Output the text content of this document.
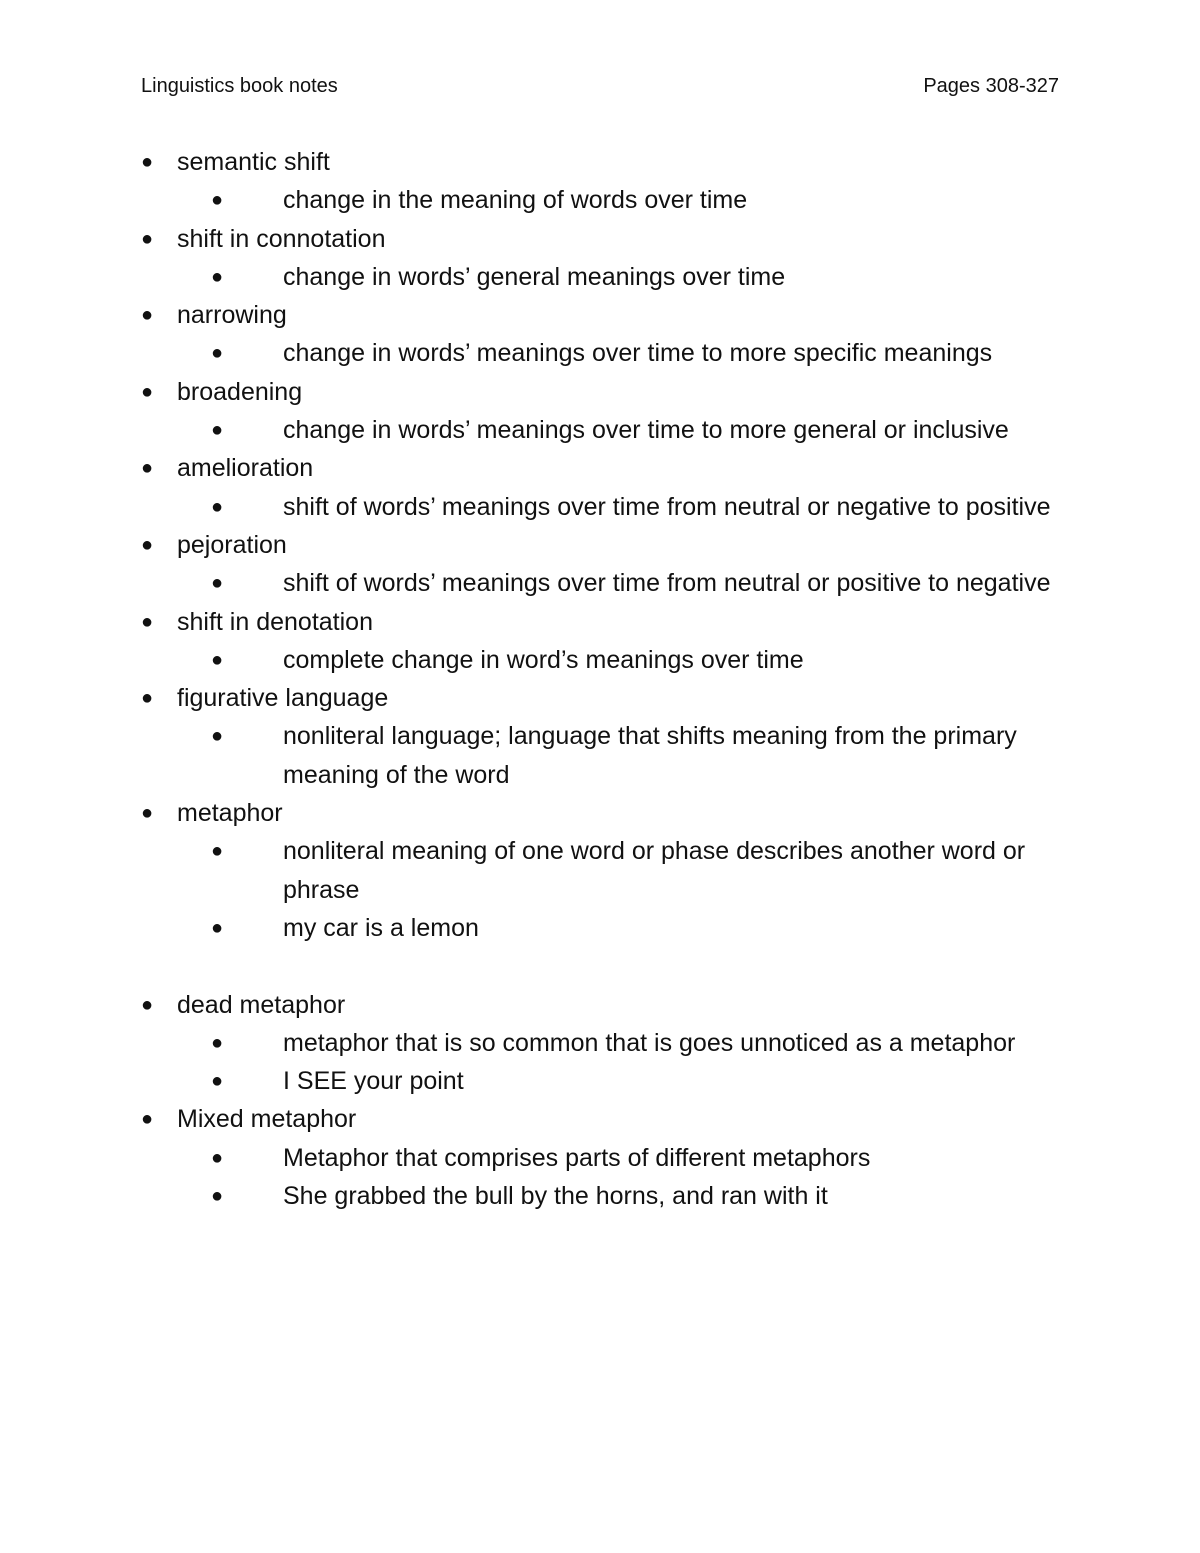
Linguistics book notes	Pages 308-327
● semantic shift
● change in the meaning of words over time
● shift in connotation
● change in words’ general meanings over time
● narrowing
● change in words’ meanings over time to more specific meanings
● broadening
● change in words’ meanings over time to more general or inclusive
● amelioration
● shift of words’ meanings over time from neutral or negative to positive
● pejoration
● shift of words’ meanings over time from neutral or positive to negative
● shift in denotation
● complete change in word’s meanings over time
● figurative language
● nonliteral language; language that shifts meaning from the primary meaning of the word
● metaphor
● nonliteral meaning of one word or phase describes another word or phrase
● my car is a lemon
● dead metaphor
● metaphor that is so common that is goes unnoticed as a metaphor
● I SEE your point
● Mixed metaphor
● Metaphor that comprises parts of different metaphors
● She grabbed the bull by the horns, and ran with it
